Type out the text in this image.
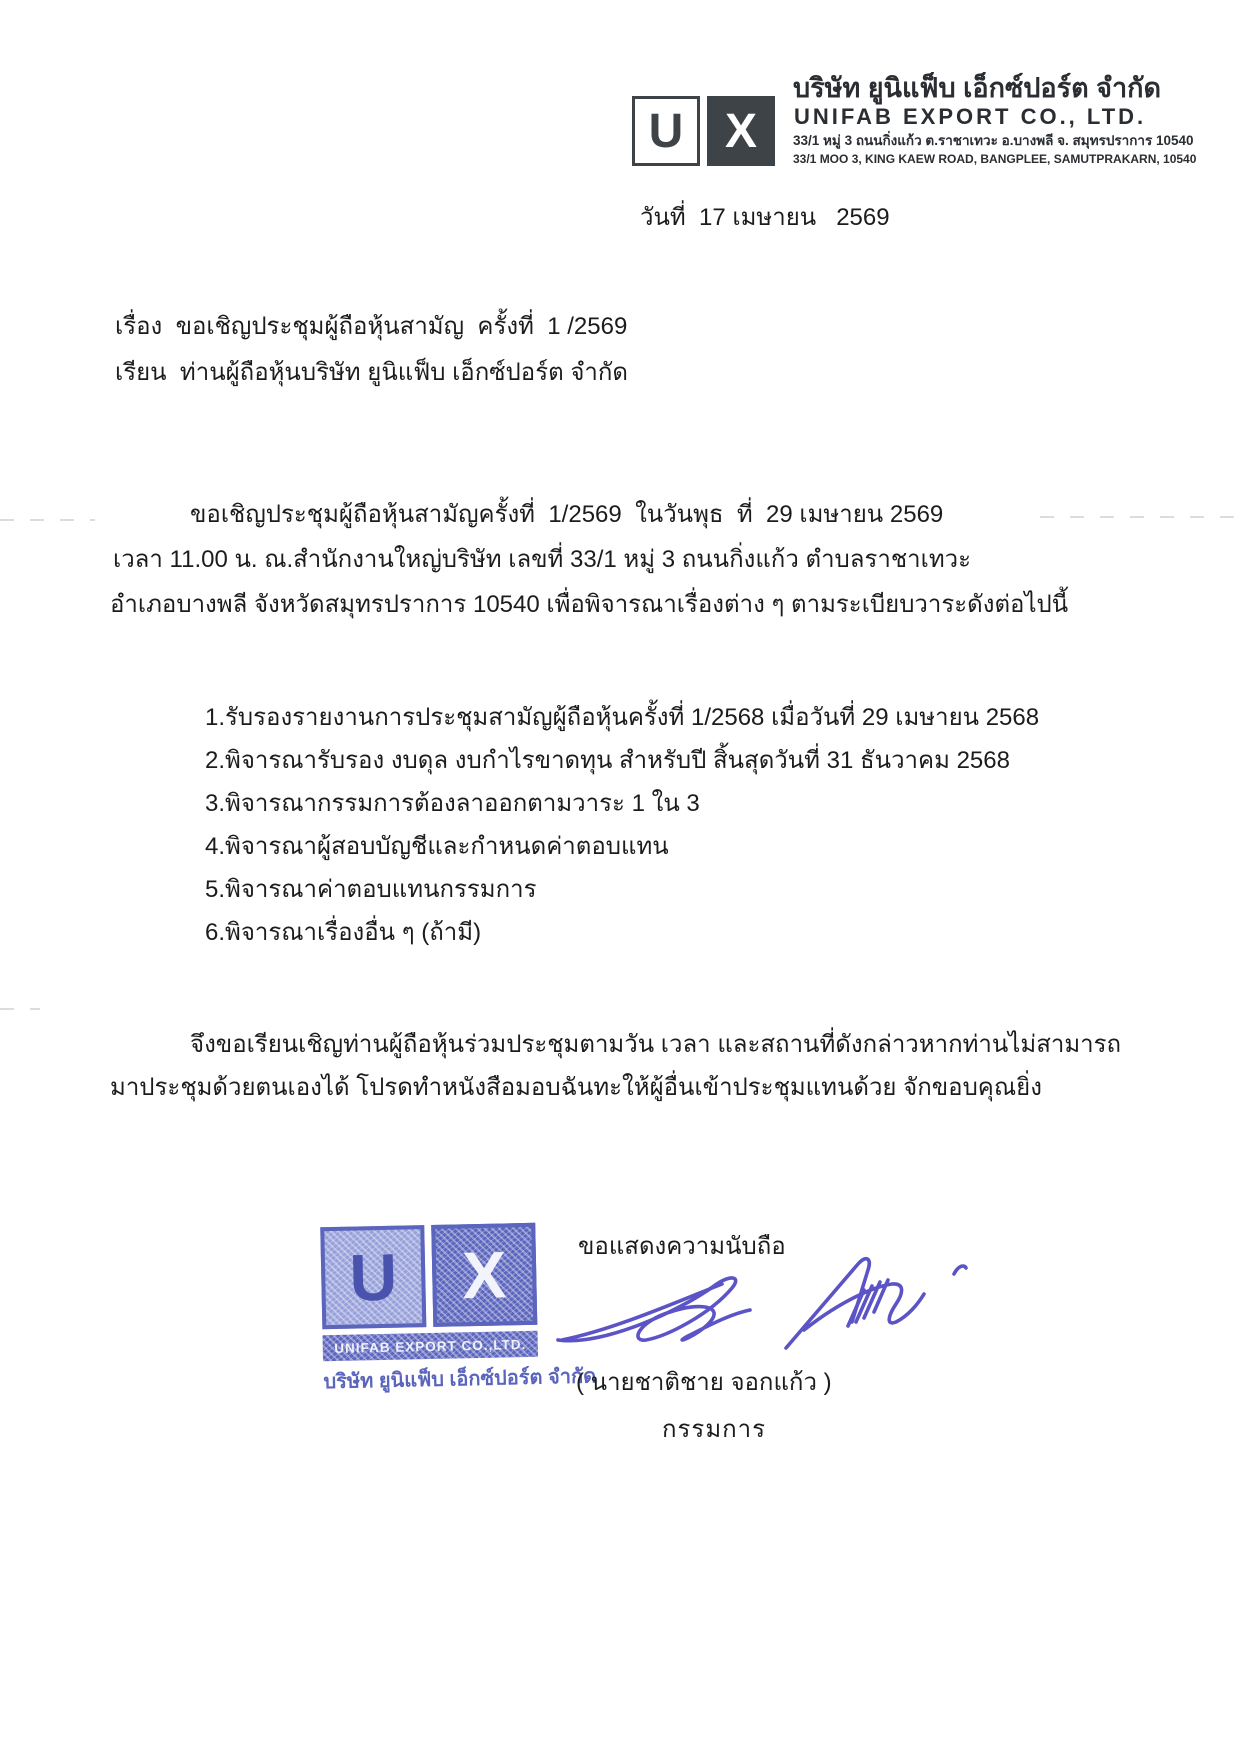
U X
บริษัท ยูนิแฟ็บ เอ็กซ์ปอร์ต จำกัด
UNIFAB EXPORT CO., LTD.
33/1 หมู่ 3 ถนนกิ่งแก้ว ต.ราชาเทวะ อ.บางพลี จ. สมุทรปราการ 10540
33/1 MOO 3, KING KAEW ROAD, BANGPLEE, SAMUTPRAKARN, 10540
วันที่  17 เมษายน   2569
เรื่อง  ขอเชิญประชุมผู้ถือหุ้นสามัญ  ครั้งที่  1 /2569
เรียน  ท่านผู้ถือหุ้นบริษัท ยูนิแฟ็บ เอ็กซ์ปอร์ต จำกัด
ขอเชิญประชุมผู้ถือหุ้นสามัญครั้งที่  1/2569  ในวันพุธ  ที่  29 เมษายน 2569
เวลา 11.00 น. ณ.สำนักงานใหญ่บริษัท เลขที่ 33/1 หมู่ 3 ถนนกิ่งแก้ว ตำบลราชาเทวะ
อำเภอบางพลี จังหวัดสมุทรปราการ 10540 เพื่อพิจารณาเรื่องต่าง ๆ ตามระเบียบวาระดังต่อไปนี้
1.รับรองรายงานการประชุมสามัญผู้ถือหุ้นครั้งที่ 1/2568 เมื่อวันที่ 29 เมษายน 2568
2.พิจารณารับรอง งบดุล งบกำไรขาดทุน สำหรับปี สิ้นสุดวันที่ 31 ธันวาคม 2568
3.พิจารณากรรมการต้องลาออกตามวาระ 1 ใน 3
4.พิจารณาผู้สอบบัญชีและกำหนดค่าตอบแทน
5.พิจารณาค่าตอบแทนกรรมการ
6.พิจารณาเรื่องอื่น ๆ (ถ้ามี)
จึงขอเรียนเชิญท่านผู้ถือหุ้นร่วมประชุมตามวัน เวลา และสถานที่ดังกล่าวหากท่านไม่สามารถ
มาประชุมด้วยตนเองได้ โปรดทำหนังสือมอบฉันทะให้ผู้อื่นเข้าประชุมแทนด้วย จักขอบคุณยิ่ง
U X
UNIFAB EXPORT CO.,LTD.
บริษัท ยูนิแฟ็บ เอ็กซ์ปอร์ต จำกัด
ขอแสดงความนับถือ
( นายชาติชาย จอกแก้ว )
กรรมการ
